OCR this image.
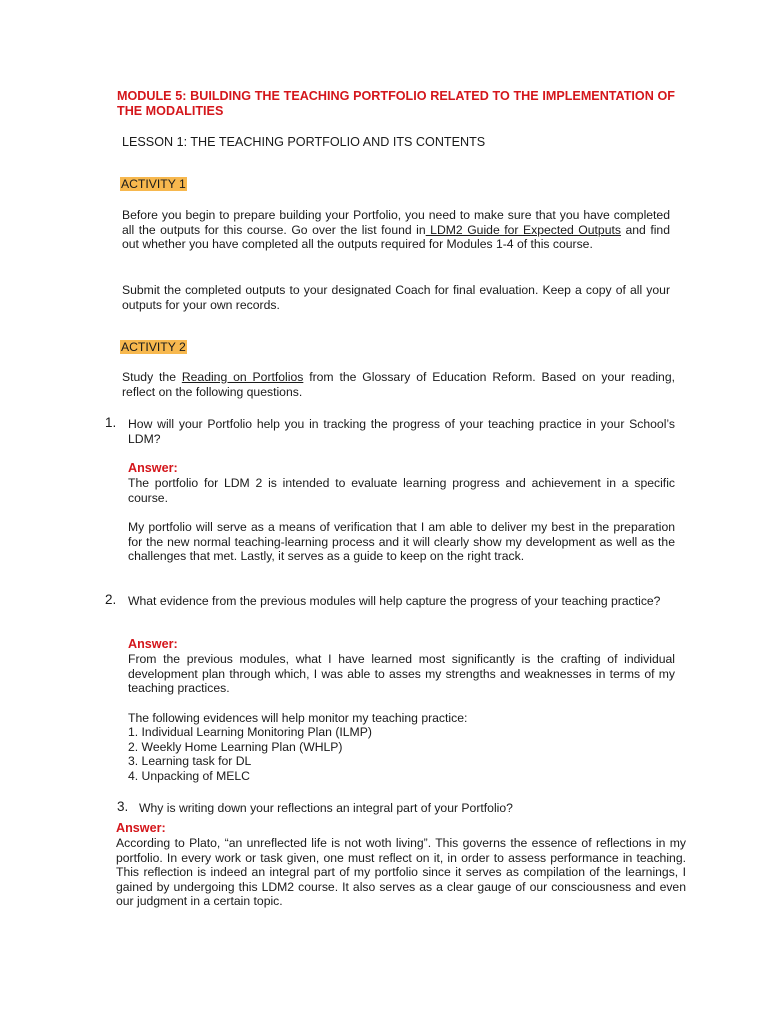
MODULE 5: BUILDING THE TEACHING PORTFOLIO RELATED TO THE IMPLEMENTATION OF THE MODALITIES
LESSON 1: THE TEACHING PORTFOLIO AND ITS CONTENTS
ACTIVITY 1
Before you begin to prepare building your Portfolio, you need to make sure that you have completed all the outputs for this course. Go over the list found in LDM2 Guide for Expected Outputs and find out whether you have completed all the outputs required for Modules 1-4 of this course.
Submit the completed outputs to your designated Coach for final evaluation. Keep a copy of all your outputs for your own records.
ACTIVITY 2
Study the Reading on Portfolios from the Glossary of Education Reform. Based on your reading, reflect on the following questions.
1. How will your Portfolio help you in tracking the progress of your teaching practice in your School’s LDM?
Answer:
The portfolio for LDM 2 is intended to evaluate learning progress and achievement in a specific course.
My portfolio will serve as a means of verification that I am able to deliver my best in the preparation for the new normal teaching-learning process and it will clearly show my development as well as the challenges that met. Lastly, it serves as a guide to keep on the right track.
2. What evidence from the previous modules will help capture the progress of your teaching practice?
Answer:
From the previous modules, what I have learned most significantly is the crafting of individual development plan through which, I was able to asses my strengths and weaknesses in terms of my teaching practices.
The following evidences will help monitor my teaching practice:
1. Individual Learning Monitoring Plan (ILMP)
2. Weekly Home Learning Plan (WHLP)
3. Learning task for DL
4. Unpacking of MELC
3. Why is writing down your reflections an integral part of your Portfolio?
Answer:
According to Plato, “an unreflected life is not woth living”. This governs the essence of reflections in my portfolio. In every work or task given, one must reflect on it, in order to assess performance in teaching. This reflection is indeed an integral part of my portfolio since it serves as compilation of the learnings, I gained by undergoing this LDM2 course. It also serves as a clear gauge of our consciousness and even our judgment in a certain topic.
